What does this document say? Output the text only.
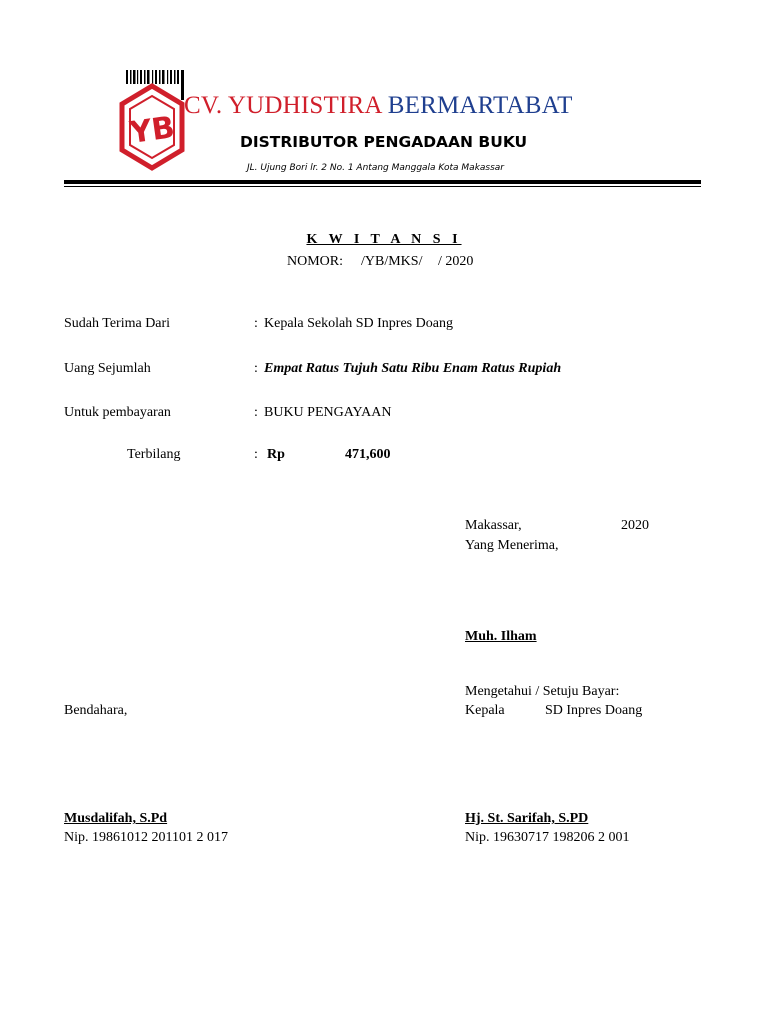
YB
CV. YUDHISTIRA BERMARTABAT
DISTRIBUTOR PENGADAAN BUKU
JL. Ujung Bori lr. 2 No. 1 Antang Manggala Kota Makassar
K W I T A N S I
NOMOR: /YB/MKS/ / 2020
Sudah Terima Dari	: Kepala Sekolah SD Inpres Doang
Uang Sejumlah	: Empat Ratus Tujuh Satu Ribu Enam Ratus Rupiah
Untuk pembayaran	: BUKU PENGAYAAN
Terbilang	: Rp	471,600
Makassar,	2020
Yang Menerima,
Muh. Ilham
Mengetahui / Setuju Bayar:
Kepala	SD Inpres Doang
Hj. St. Sarifah, S.PD
Nip. 19630717 198206 2 001
Bendahara,
Musdalifah, S.Pd
Nip. 19861012 201101 2 017
